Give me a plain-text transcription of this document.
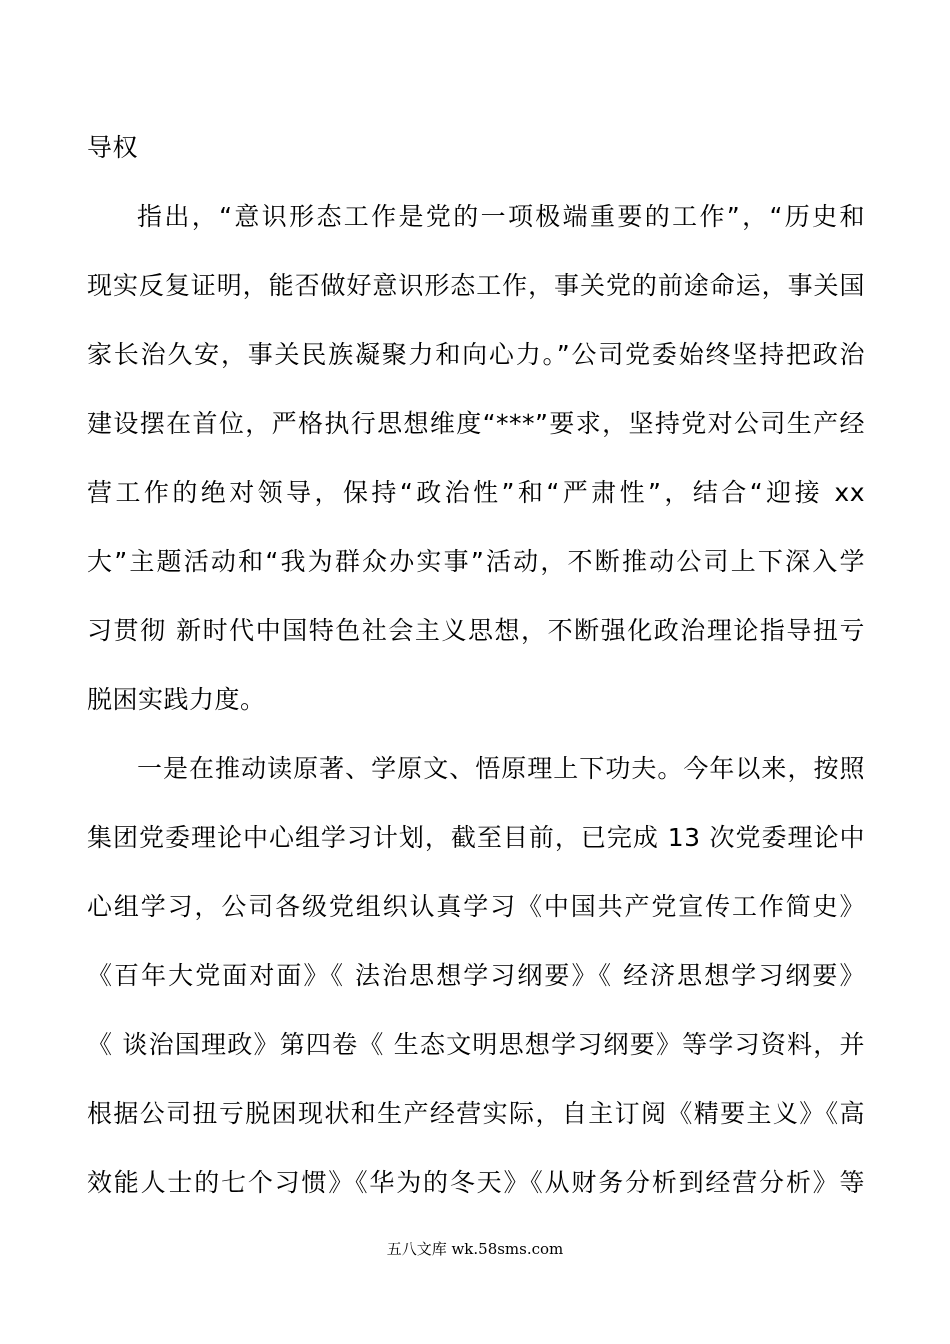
导权
指出，“意识形态工作是党的一项极端重要的工作”，“历史和
现实反复证明，能否做好意识形态工作，事关党的前途命运，事关国
家长治久安，事关民族凝聚力和向心力。”公司党委始终坚持把政治
建设摆在首位，严格执行思想维度“***”要求，坚持党对公司生产经
营工作的绝对领导，保持“政治性”和“严肃性”，结合“迎接 xx
大”主题活动和“我为群众办实事”活动，不断推动公司上下深入学
习贯彻 新时代中国特色社会主义思想，不断强化政治理论指导扭亏
脱困实践力度。
一是在推动读原著、学原文、悟原理上下功夫。今年以来，按照
集团党委理论中心组学习计划，截至目前，已完成 13 次党委理论中
心组学习，公司各级党组织认真学习《中国共产党宣传工作简史》
《百年大党面对面》《 法治思想学习纲要》《 经济思想学习纲要》
《 谈治国理政》第四卷《 生态文明思想学习纲要》等学习资料，并
根据公司扭亏脱困现状和生产经营实际，自主订阅《精要主义》《高
效能人士的七个习惯》《华为的冬天》《从财务分析到经营分析》等
五八文库 wk.58sms.com
